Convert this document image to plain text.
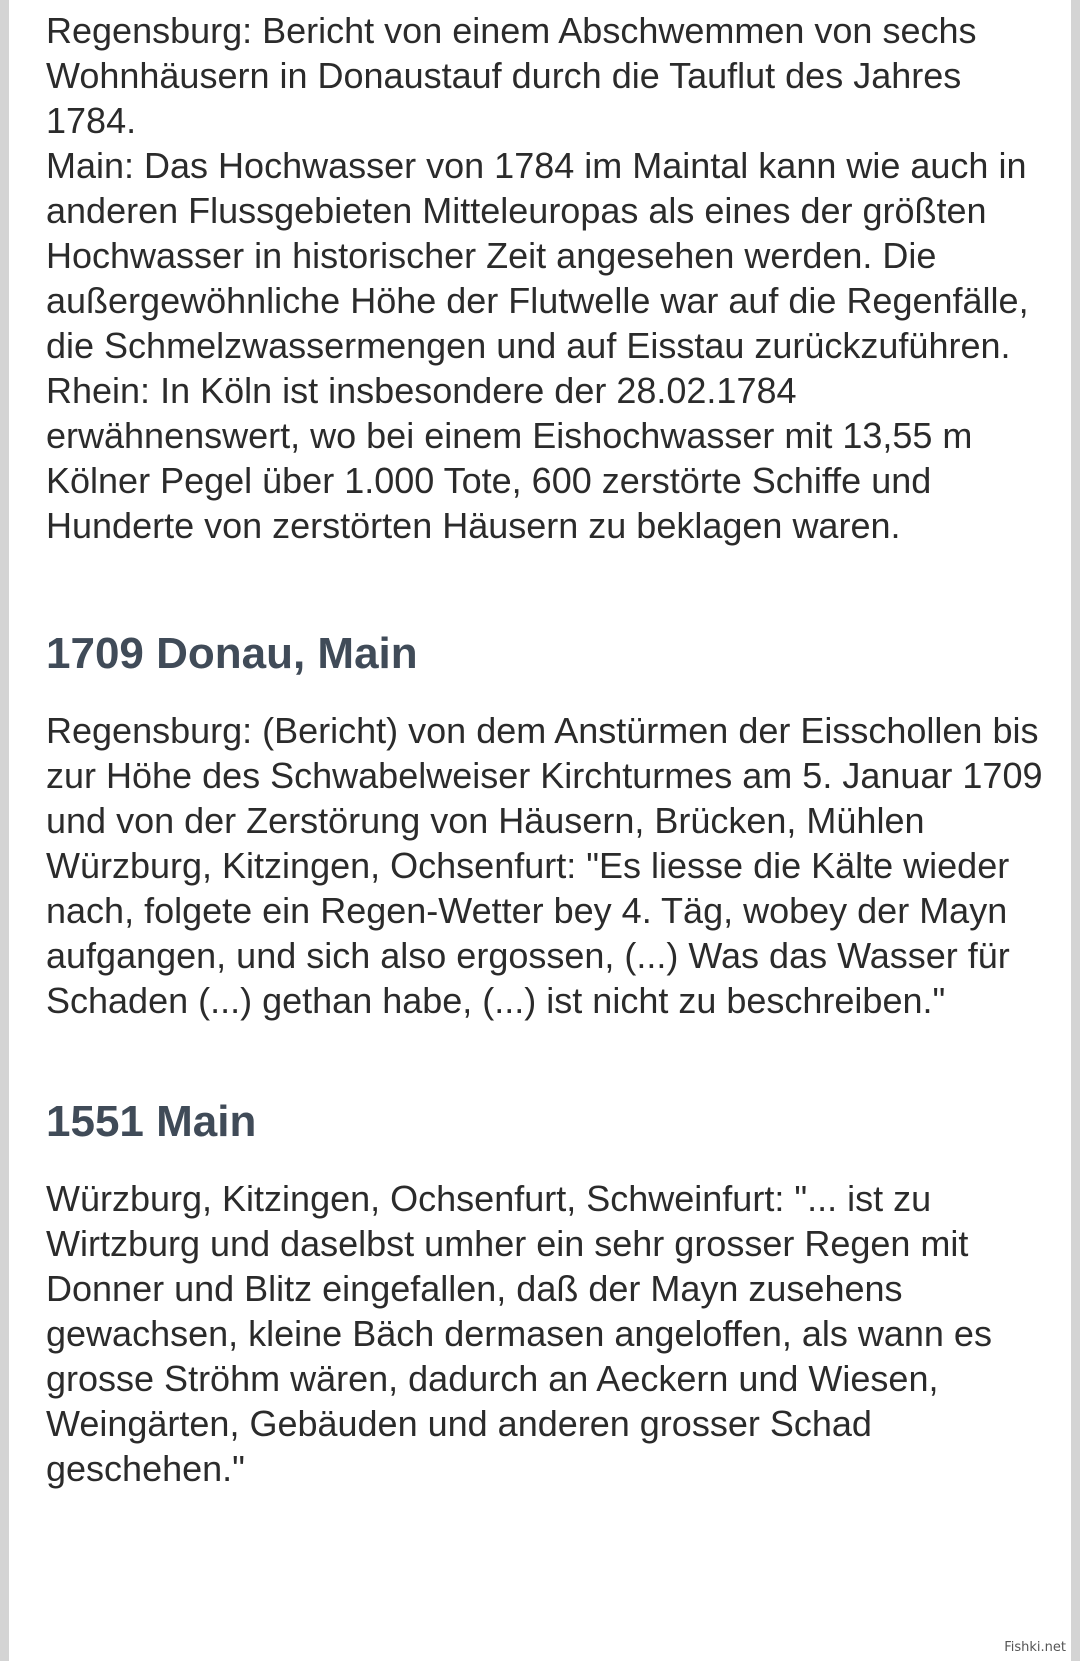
Regensburg: Bericht von einem Abschwemmen von sechs Wohnhäusern in Donaustauf durch die Tauflut des Jahres 1784.

Main: Das Hochwasser von 1784 im Maintal kann wie auch in anderen Flussgebieten Mitteleuropas als eines der größten Hochwasser in historischer Zeit angesehen werden. Die außergewöhnliche Höhe der Flutwelle war auf die Regenfälle, die Schmelzwassermengen und auf Eisstau zurückzuführen.

Rhein: In Köln ist insbesondere der 28.02.1784 erwähnenswert, wo bei einem Eishochwasser mit 13,55 m Kölner Pegel über 1.000 Tote, 600 zerstörte Schiffe und Hunderte von zerstörten Häusern zu beklagen waren.

1709 Donau, Main

Regensburg: (Bericht) von dem Anstürmen der Eisschollen bis zur Höhe des Schwabelweiser Kirchturmes am 5. Januar 1709 und von der Zerstörung von Häusern, Brücken, Mühlen Würzburg, Kitzingen, Ochsenfurt: "Es liesse die Kälte wieder nach, folgete ein Regen-Wetter bey 4. Täg, wobey der Mayn aufgangen, und sich also ergossen, (...) Was das Wasser für Schaden (...) gethan habe, (...) ist nicht zu beschreiben."

1551 Main

Würzburg, Kitzingen, Ochsenfurt, Schweinfurt: "... ist zu Wirtzburg und daselbst umher ein sehr grosser Regen mit Donner und Blitz eingefallen, daß der Mayn zusehens gewachsen, kleine Bäch dermasen angeloffen, als wann es grosse Ströhm wären, dadurch an Aeckern und Wiesen, Weingärten, Gebäuden und anderen grosser Schad geschehen."

Fishki.net
